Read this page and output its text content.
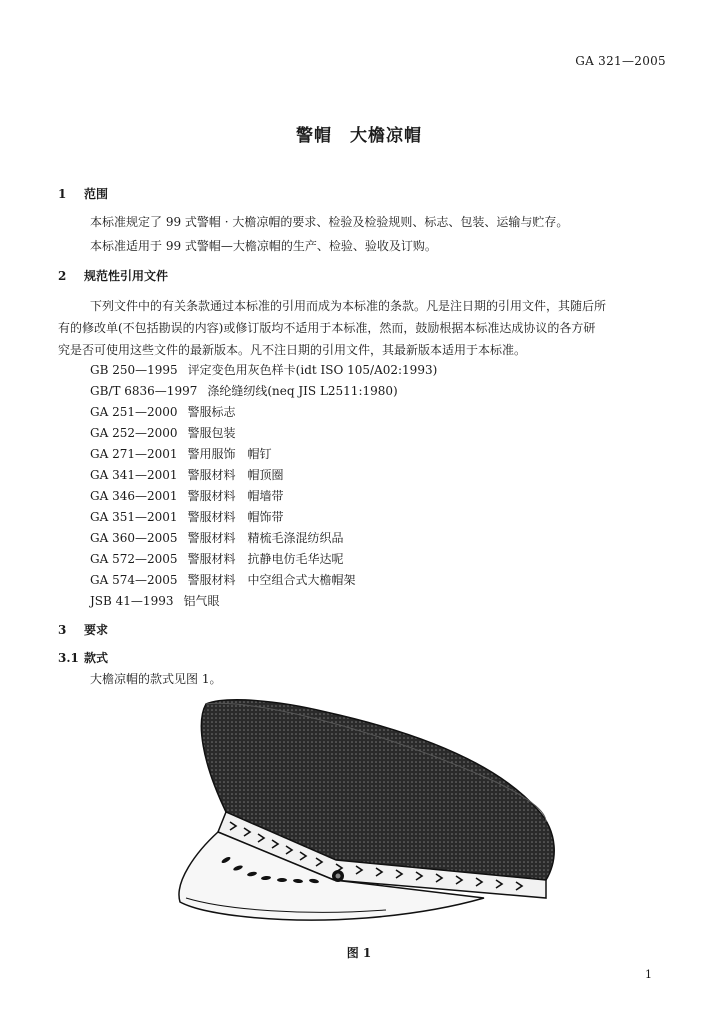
GA 321—2005
警帽　大檐凉帽
1 范围
本标准规定了 99 式警帽 · 大檐凉帽的要求、检验及检验规则、标志、包装、运输与贮存。
本标准适用于 99 式警帽—大檐凉帽的生产、检验、验收及订购。
2 规范性引用文件
下列文件中的有关条款通过本标准的引用而成为本标准的条款。凡是注日期的引用文件，其随后所
有的修改单(不包括勘误的内容)或修订版均不适用于本标准，然而，鼓励根据本标准达成协议的各方研
究是否可使用这些文件的最新版本。凡不注日期的引用文件，其最新版本适用于本标准。
GB 250—1995 评定变色用灰色样卡(idt ISO 105/A02:1993)
GB/T 6836—1997 涤纶缝纫线(neq JIS L2511:1980)
GA 251—2000 警服标志
GA 252—2000 警服包装
GA 271—2001 警用服饰　帽钉
GA 341—2001 警服材料　帽顶圈
GA 346—2001 警服材料　帽墙带
GA 351—2001 警服材料　帽饰带
GA 360—2005 警服材料　精梳毛涤混纺织品
GA 572—2005 警服材料　抗静电仿毛华达呢
GA 574—2005 警服材料　中空组合式大檐帽架
JSB 41—1993 铝气眼
3 要求
3.1 款式
大檐凉帽的款式见图 1。
图 1
1
